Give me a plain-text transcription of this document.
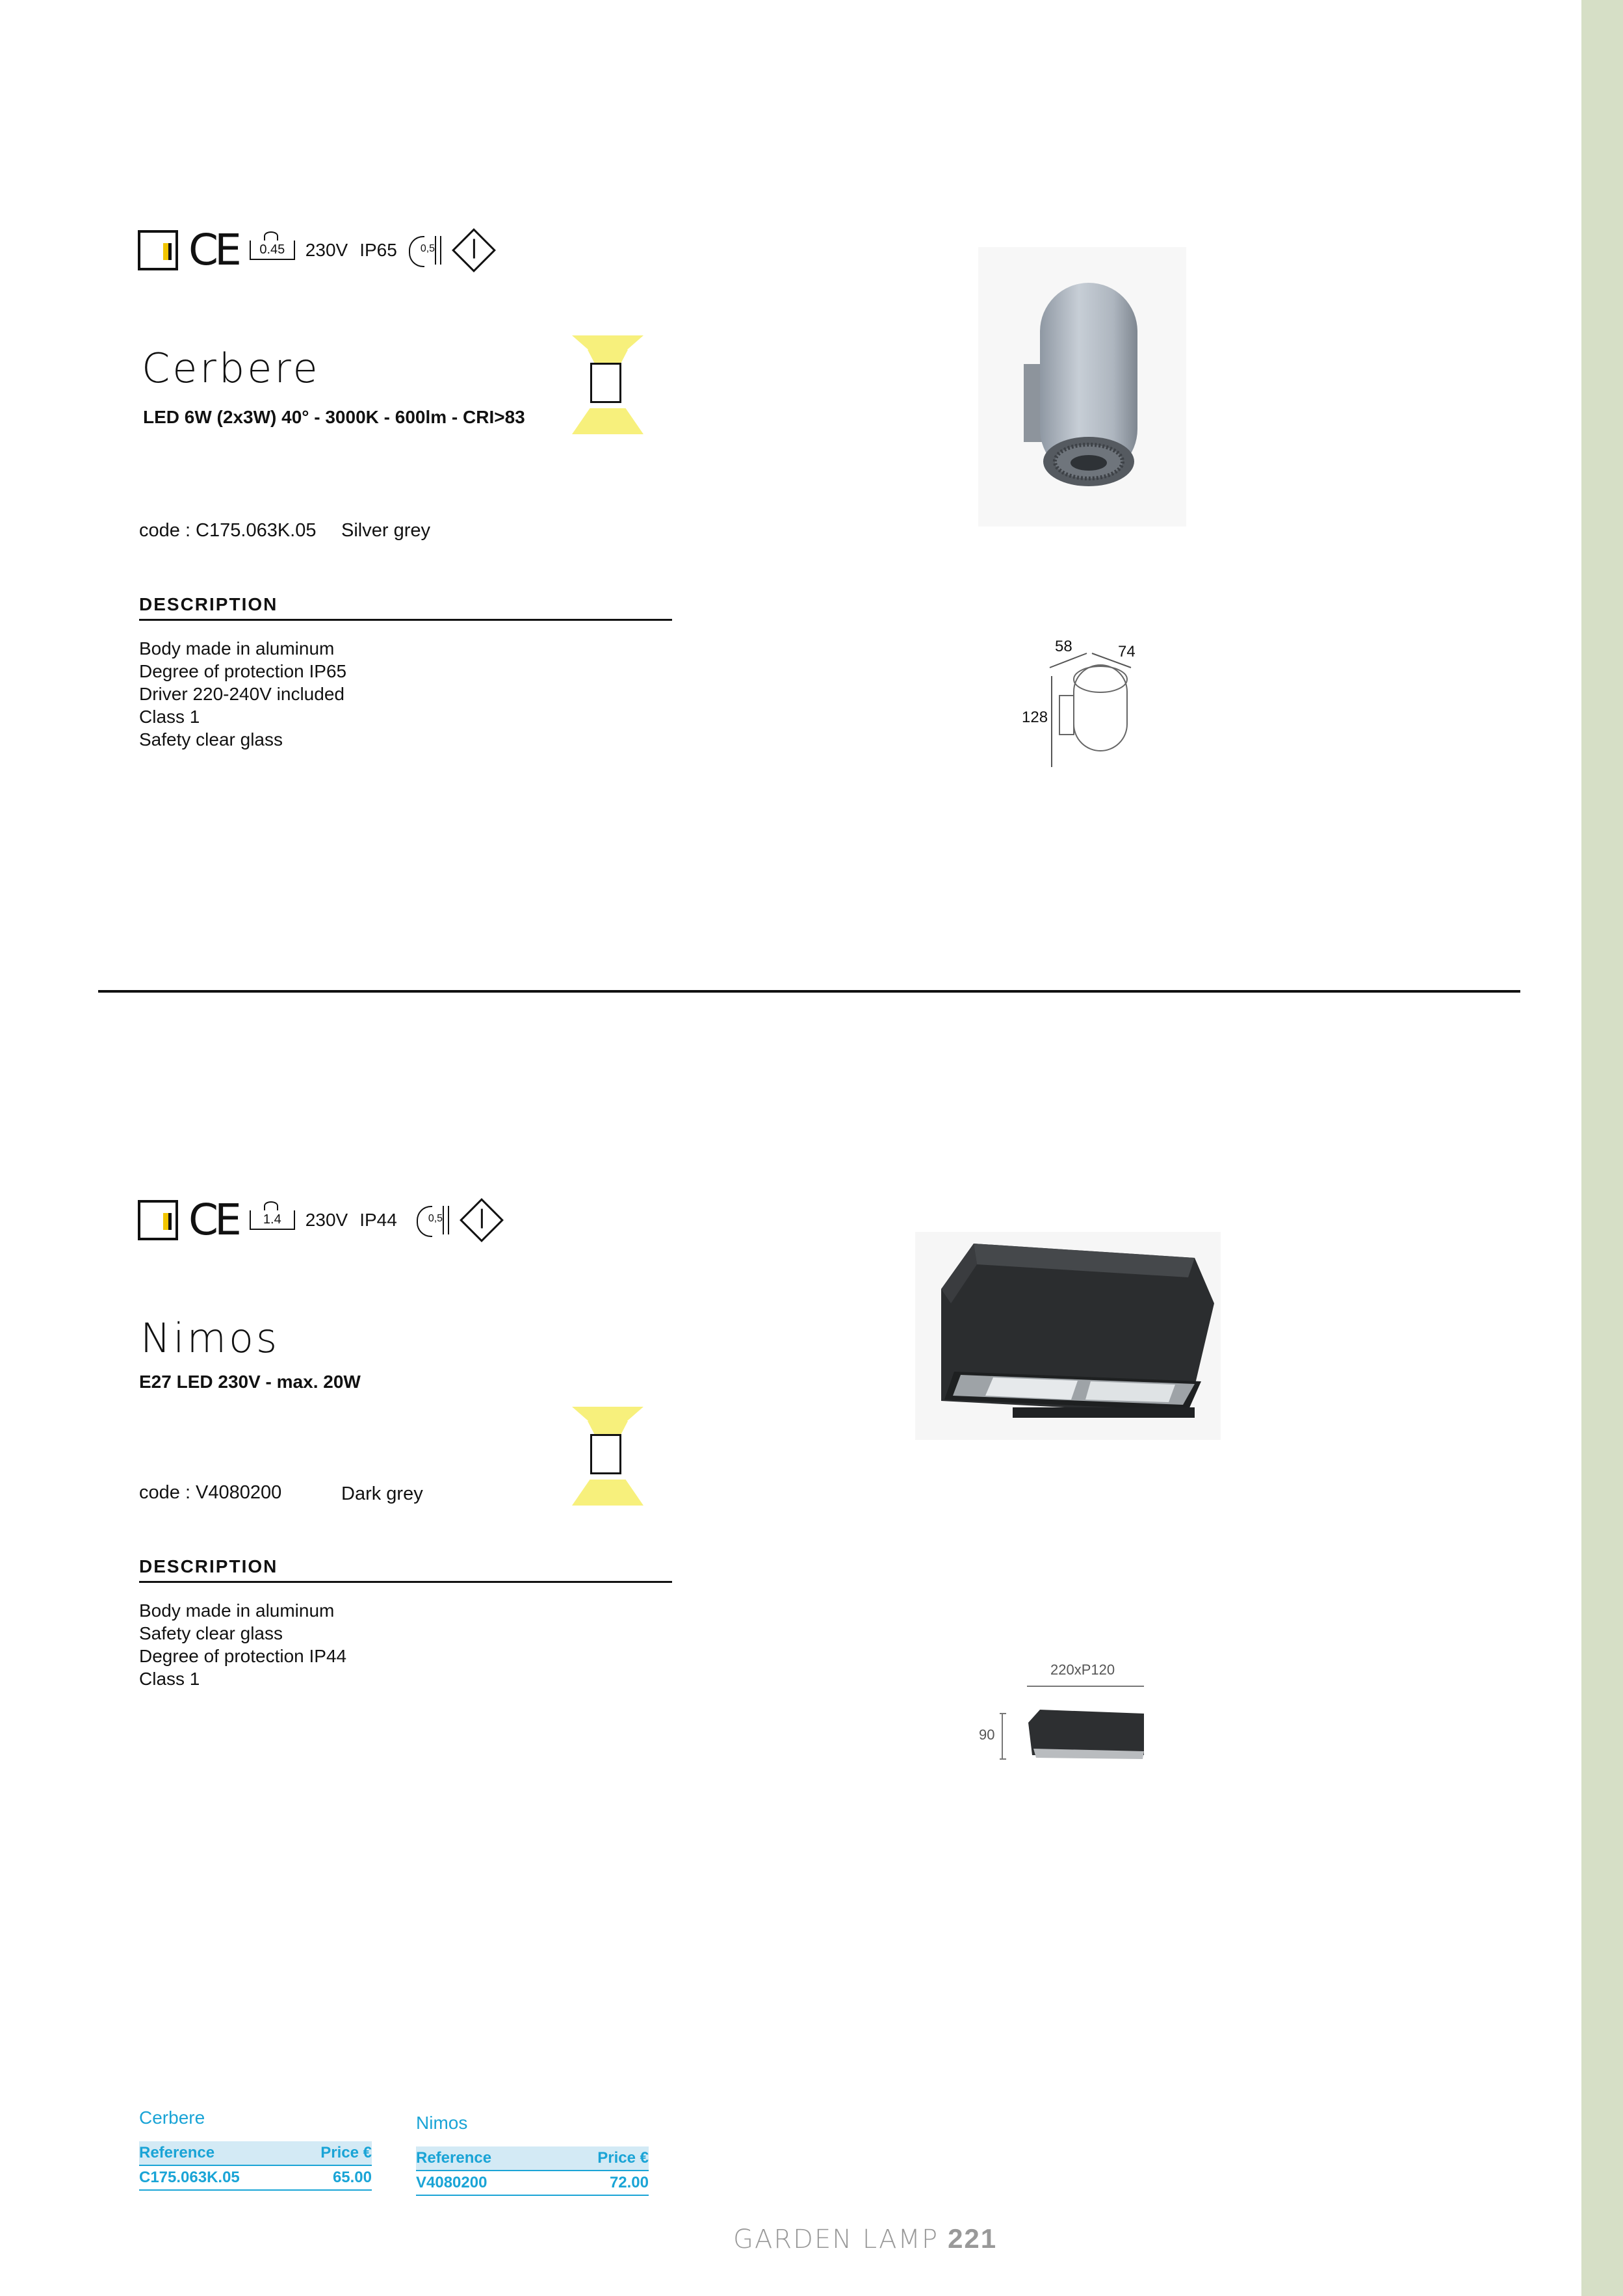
CE	0.45	230V IP65 0,5
Cerbere
LED 6W (2x3W) 40° - 3000K - 600lm - CRI>83
code : C175.063K.05 Silver grey
DESCRIPTION
Body made in aluminum
Degree of protection IP65
Driver 220-240V included
Class 1
Safety clear glass
58	74
128
CE	1.4	230V IP44	0,5
Nimos
E27 LED 230V - max. 20W
code : V4080200	Dark grey
DESCRIPTION
Body made in aluminum
Safety clear glass
Degree of protection IP44
Class 1	220xP120
90
Cerbere
Reference	Price €
C175.063K.05	65.00
Nimos
Reference	Price €
V4080200	72.00
GARDEN LAMP 221
